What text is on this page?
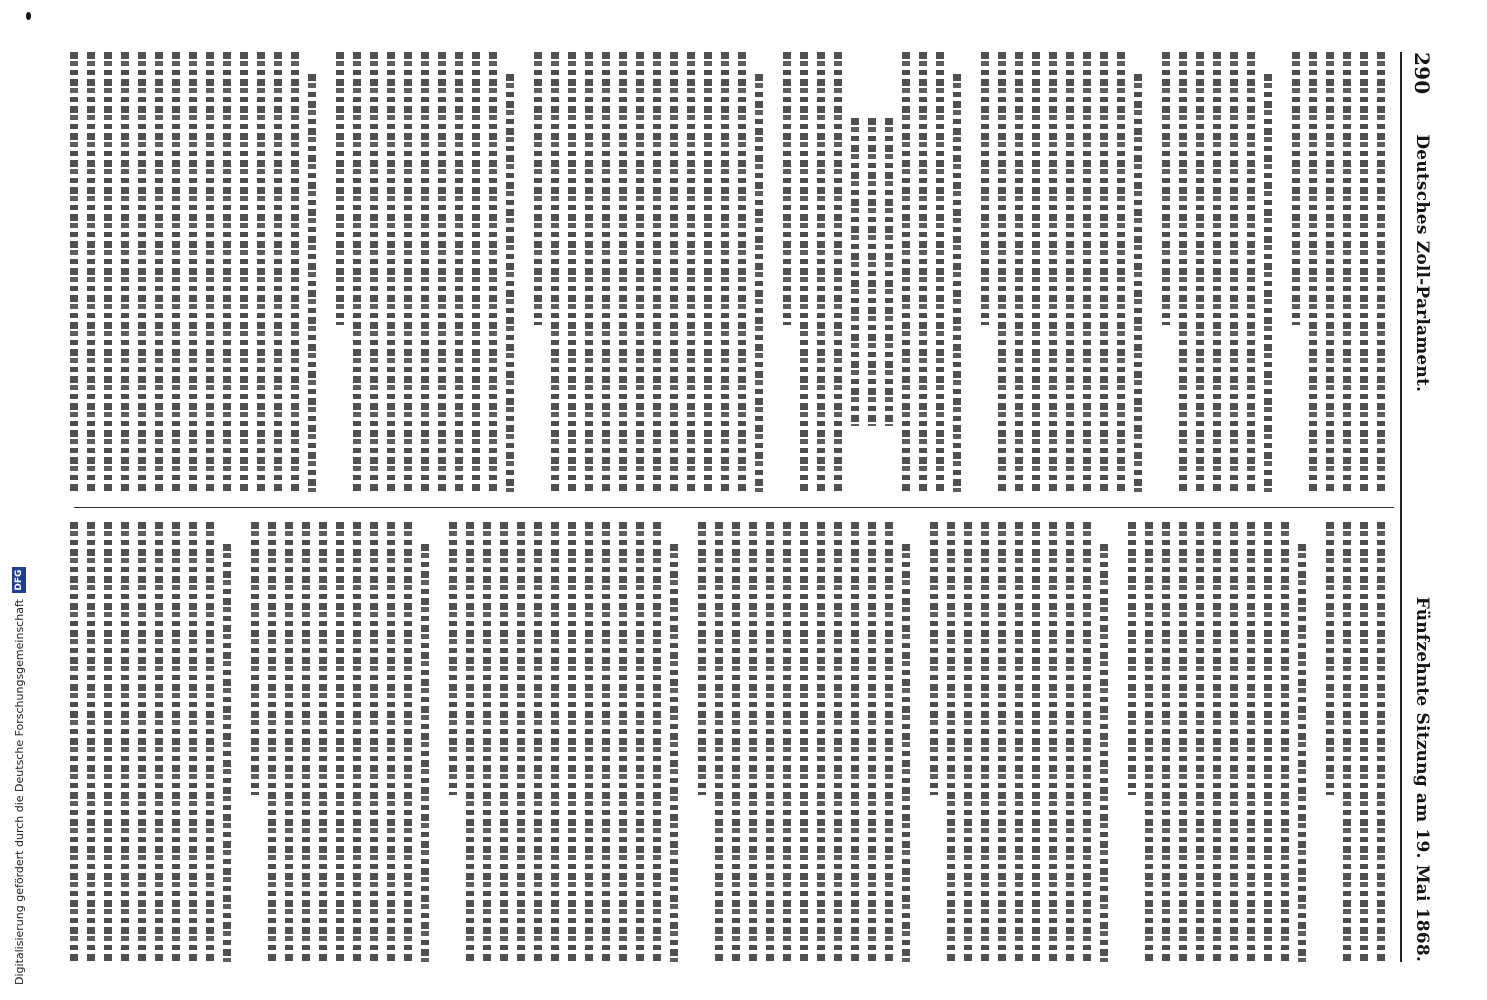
290
Deutsches Zoll-Parlament.
Fünfzehnte Sitzung am 19. Mai 1868.
Digitalisierung gefördert durch die Deutsche Forschungsgemeinschaft
DFG
